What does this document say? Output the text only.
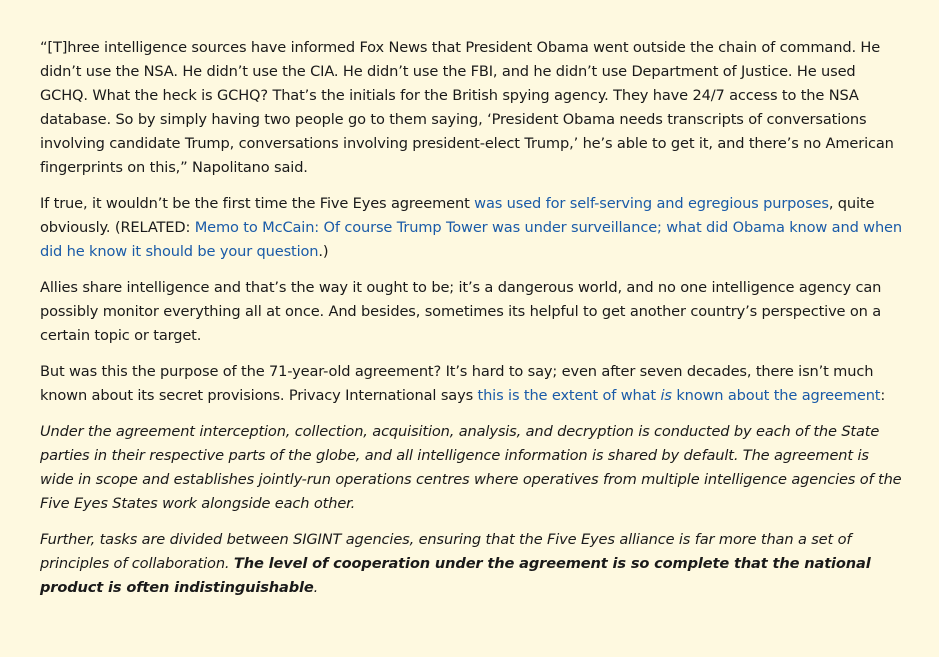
“[T]hree intelligence sources have informed Fox News that President Obama went outside the chain of command. He didn’t use the NSA. He didn’t use the CIA. He didn’t use the FBI, and he didn’t use Department of Justice. He used GCHQ. What the heck is GCHQ? That’s the initials for the British spying agency. They have 24/7 access to the NSA database. So by simply having two people go to them saying, ‘President Obama needs transcripts of conversations involving candidate Trump, conversations involving president-elect Trump,’ he’s able to get it, and there’s no American fingerprints on this,” Napolitano said.

If true, it wouldn’t be the first time the Five Eyes agreement was used for self-serving and egregious purposes, quite obviously. (RELATED: Memo to McCain: Of course Trump Tower was under surveillance; what did Obama know and when did he know it should be your question.)

Allies share intelligence and that’s the way it ought to be; it’s a dangerous world, and no one intelligence agency can possibly monitor everything all at once. And besides, sometimes its helpful to get another country’s perspective on a certain topic or target.

But was this the purpose of the 71-year-old agreement? It’s hard to say; even after seven decades, there isn’t much known about its secret provisions. Privacy International says this is the extent of what is known about the agreement:

Under the agreement interception, collection, acquisition, analysis, and decryption is conducted by each of the State parties in their respective parts of the globe, and all intelligence information is shared by default. The agreement is wide in scope and establishes jointly-run operations centres where operatives from multiple intelligence agencies of the Five Eyes States work alongside each other.

Further, tasks are divided between SIGINT agencies, ensuring that the Five Eyes alliance is far more than a set of principles of collaboration. The level of cooperation under the agreement is so complete that the national product is often indistinguishable.
